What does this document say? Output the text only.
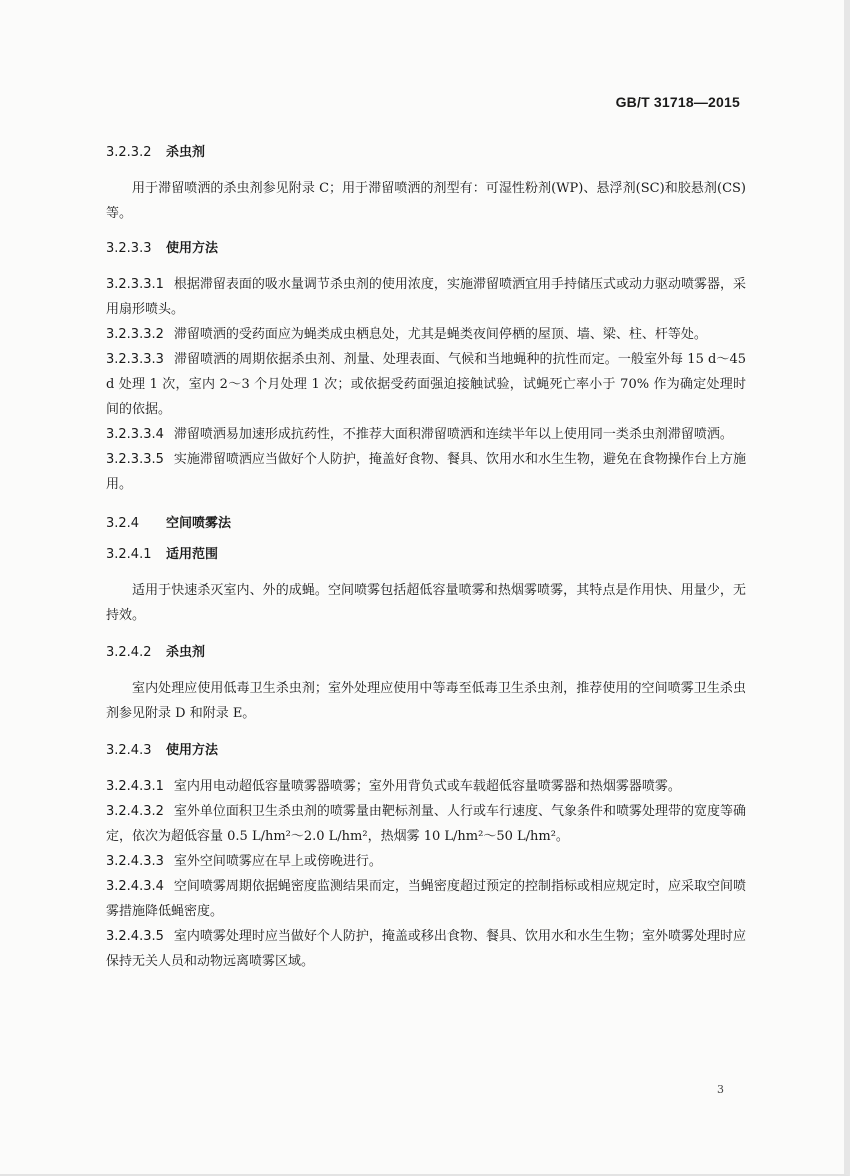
GB/T 31718—2015
3.2.3.2 杀虫剂
用于滞留喷洒的杀虫剂参见附录 C；用于滞留喷洒的剂型有：可湿性粉剂(WP)、悬浮剂(SC)和胶悬剂(CS)等。
3.2.3.3 使用方法
3.2.3.3.1 根据滞留表面的吸水量调节杀虫剂的使用浓度，实施滞留喷洒宜用手持储压式或动力驱动喷雾器，采用扇形喷头。
3.2.3.3.2 滞留喷洒的受药面应为蝇类成虫栖息处，尤其是蝇类夜间停栖的屋顶、墙、梁、柱、杆等处。
3.2.3.3.3 滞留喷洒的周期依据杀虫剂、剂量、处理表面、气候和当地蝇种的抗性而定。一般室外每 15 d～45 d 处理 1 次，室内 2～3 个月处理 1 次；或依据受药面强迫接触试验，试蝇死亡率小于 70% 作为确定处理时间的依据。
3.2.3.3.4 滞留喷洒易加速形成抗药性，不推荐大面积滞留喷洒和连续半年以上使用同一类杀虫剂滞留喷洒。
3.2.3.3.5 实施滞留喷洒应当做好个人防护，掩盖好食物、餐具、饮用水和水生生物，避免在食物操作台上方施用。
3.2.4 空间喷雾法
3.2.4.1 适用范围
适用于快速杀灭室内、外的成蝇。空间喷雾包括超低容量喷雾和热烟雾喷雾，其特点是作用快、用量少，无持效。
3.2.4.2 杀虫剂
室内处理应使用低毒卫生杀虫剂；室外处理应使用中等毒至低毒卫生杀虫剂，推荐使用的空间喷雾卫生杀虫剂参见附录 D 和附录 E。
3.2.4.3 使用方法
3.2.4.3.1 室内用电动超低容量喷雾器喷雾；室外用背负式或车载超低容量喷雾器和热烟雾器喷雾。
3.2.4.3.2 室外单位面积卫生杀虫剂的喷雾量由靶标剂量、人行或车行速度、气象条件和喷雾处理带的宽度等确定，依次为超低容量 0.5 L/hm²～2.0 L/hm²，热烟雾 10 L/hm²～50 L/hm²。
3.2.4.3.3 室外空间喷雾应在早上或傍晚进行。
3.2.4.3.4 空间喷雾周期依据蝇密度监测结果而定，当蝇密度超过预定的控制指标或相应规定时，应采取空间喷雾措施降低蝇密度。
3.2.4.3.5 室内喷雾处理时应当做好个人防护，掩盖或移出食物、餐具、饮用水和水生生物；室外喷雾处理时应保持无关人员和动物远离喷雾区域。
3
